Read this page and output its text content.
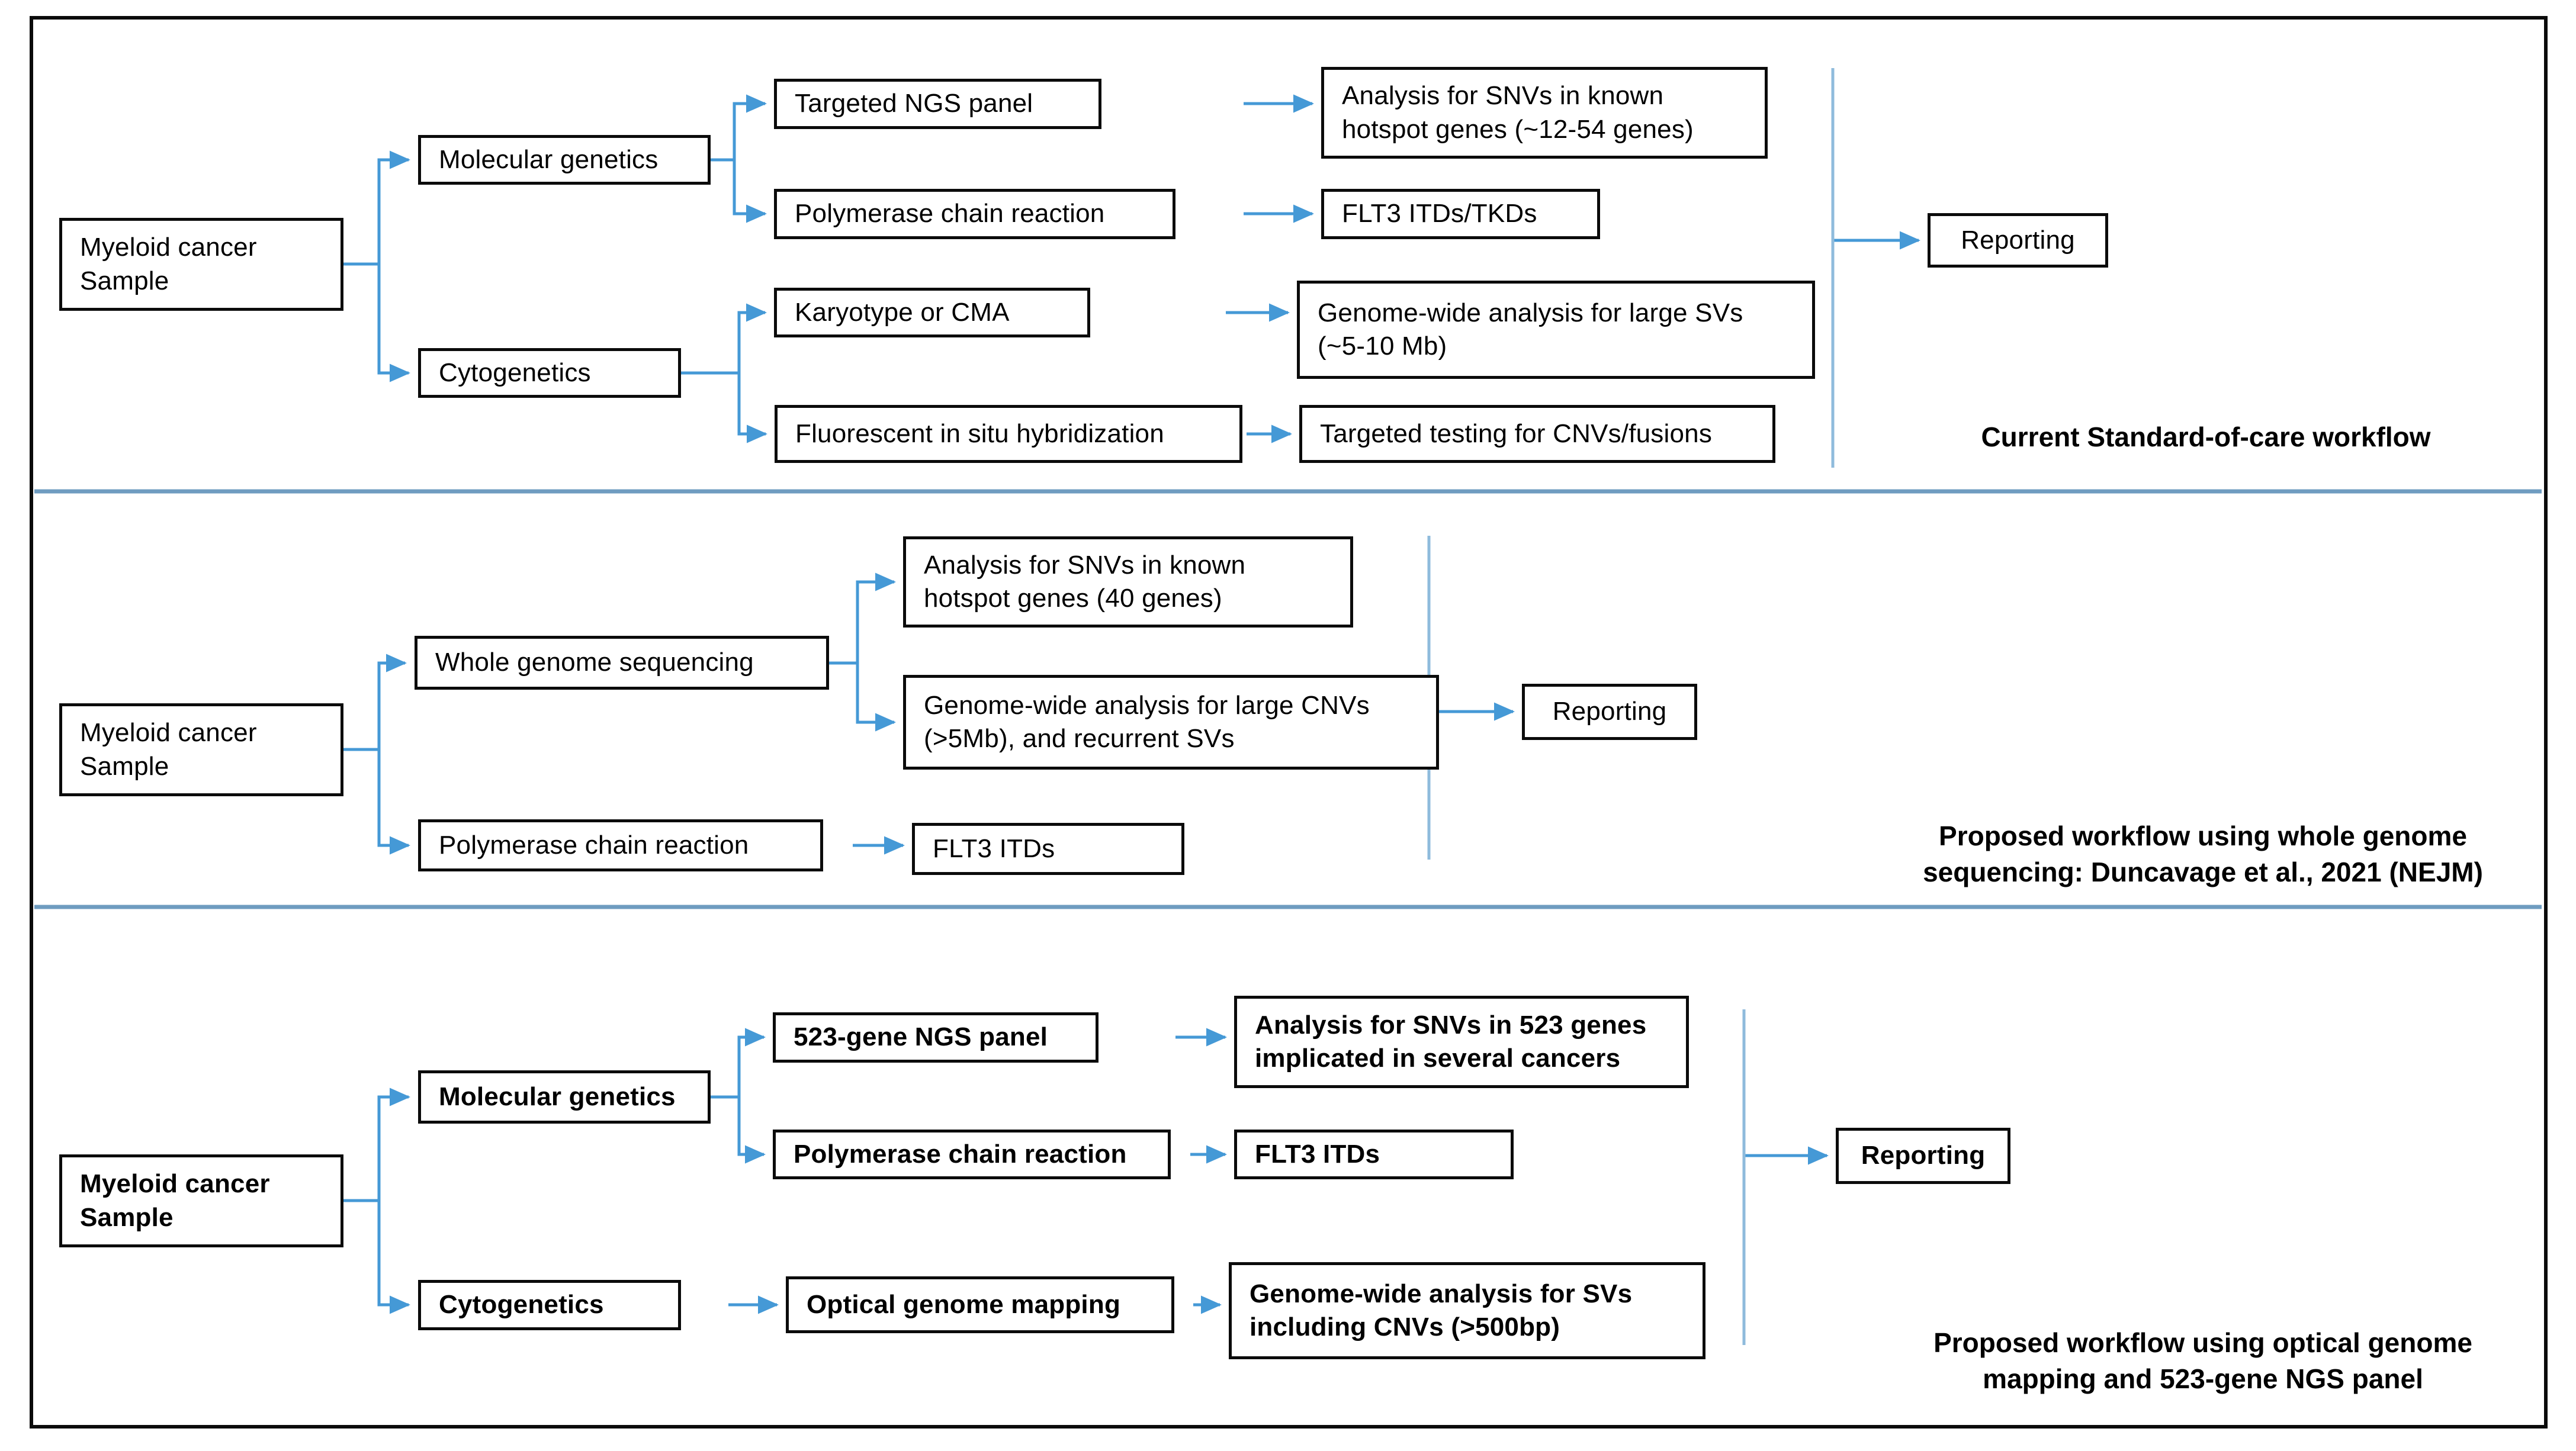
Myeloid cancer Sample
Molecular genetics
Cytogenetics
Targeted NGS panel
Polymerase chain reaction
Karyotype or CMA
Fluorescent in situ hybridization
Analysis for SNVs in known hotspot genes (~12-54 genes)
FLT3 ITDs/TKDs
Genome-wide analysis for large SVs (~5-10 Mb)
Targeted testing for CNVs/fusions
Reporting
Current Standard-of-care workflow
Myeloid cancer Sample
Whole genome sequencing
Polymerase chain reaction
Analysis for SNVs in known hotspot genes (40 genes)
Genome-wide analysis for large CNVs (>5Mb), and recurrent SVs
FLT3 ITDs
Reporting
Proposed workflow using whole genome sequencing: Duncavage et al., 2021 (NEJM)
Myeloid cancer Sample
Molecular genetics
Cytogenetics
523-gene NGS panel
Polymerase chain reaction
Optical genome mapping
Analysis for SNVs in 523 genes implicated in several cancers
FLT3 ITDs
Genome-wide analysis for SVs including CNVs (>500bp)
Reporting
Proposed workflow using optical genome mapping and 523-gene NGS panel
